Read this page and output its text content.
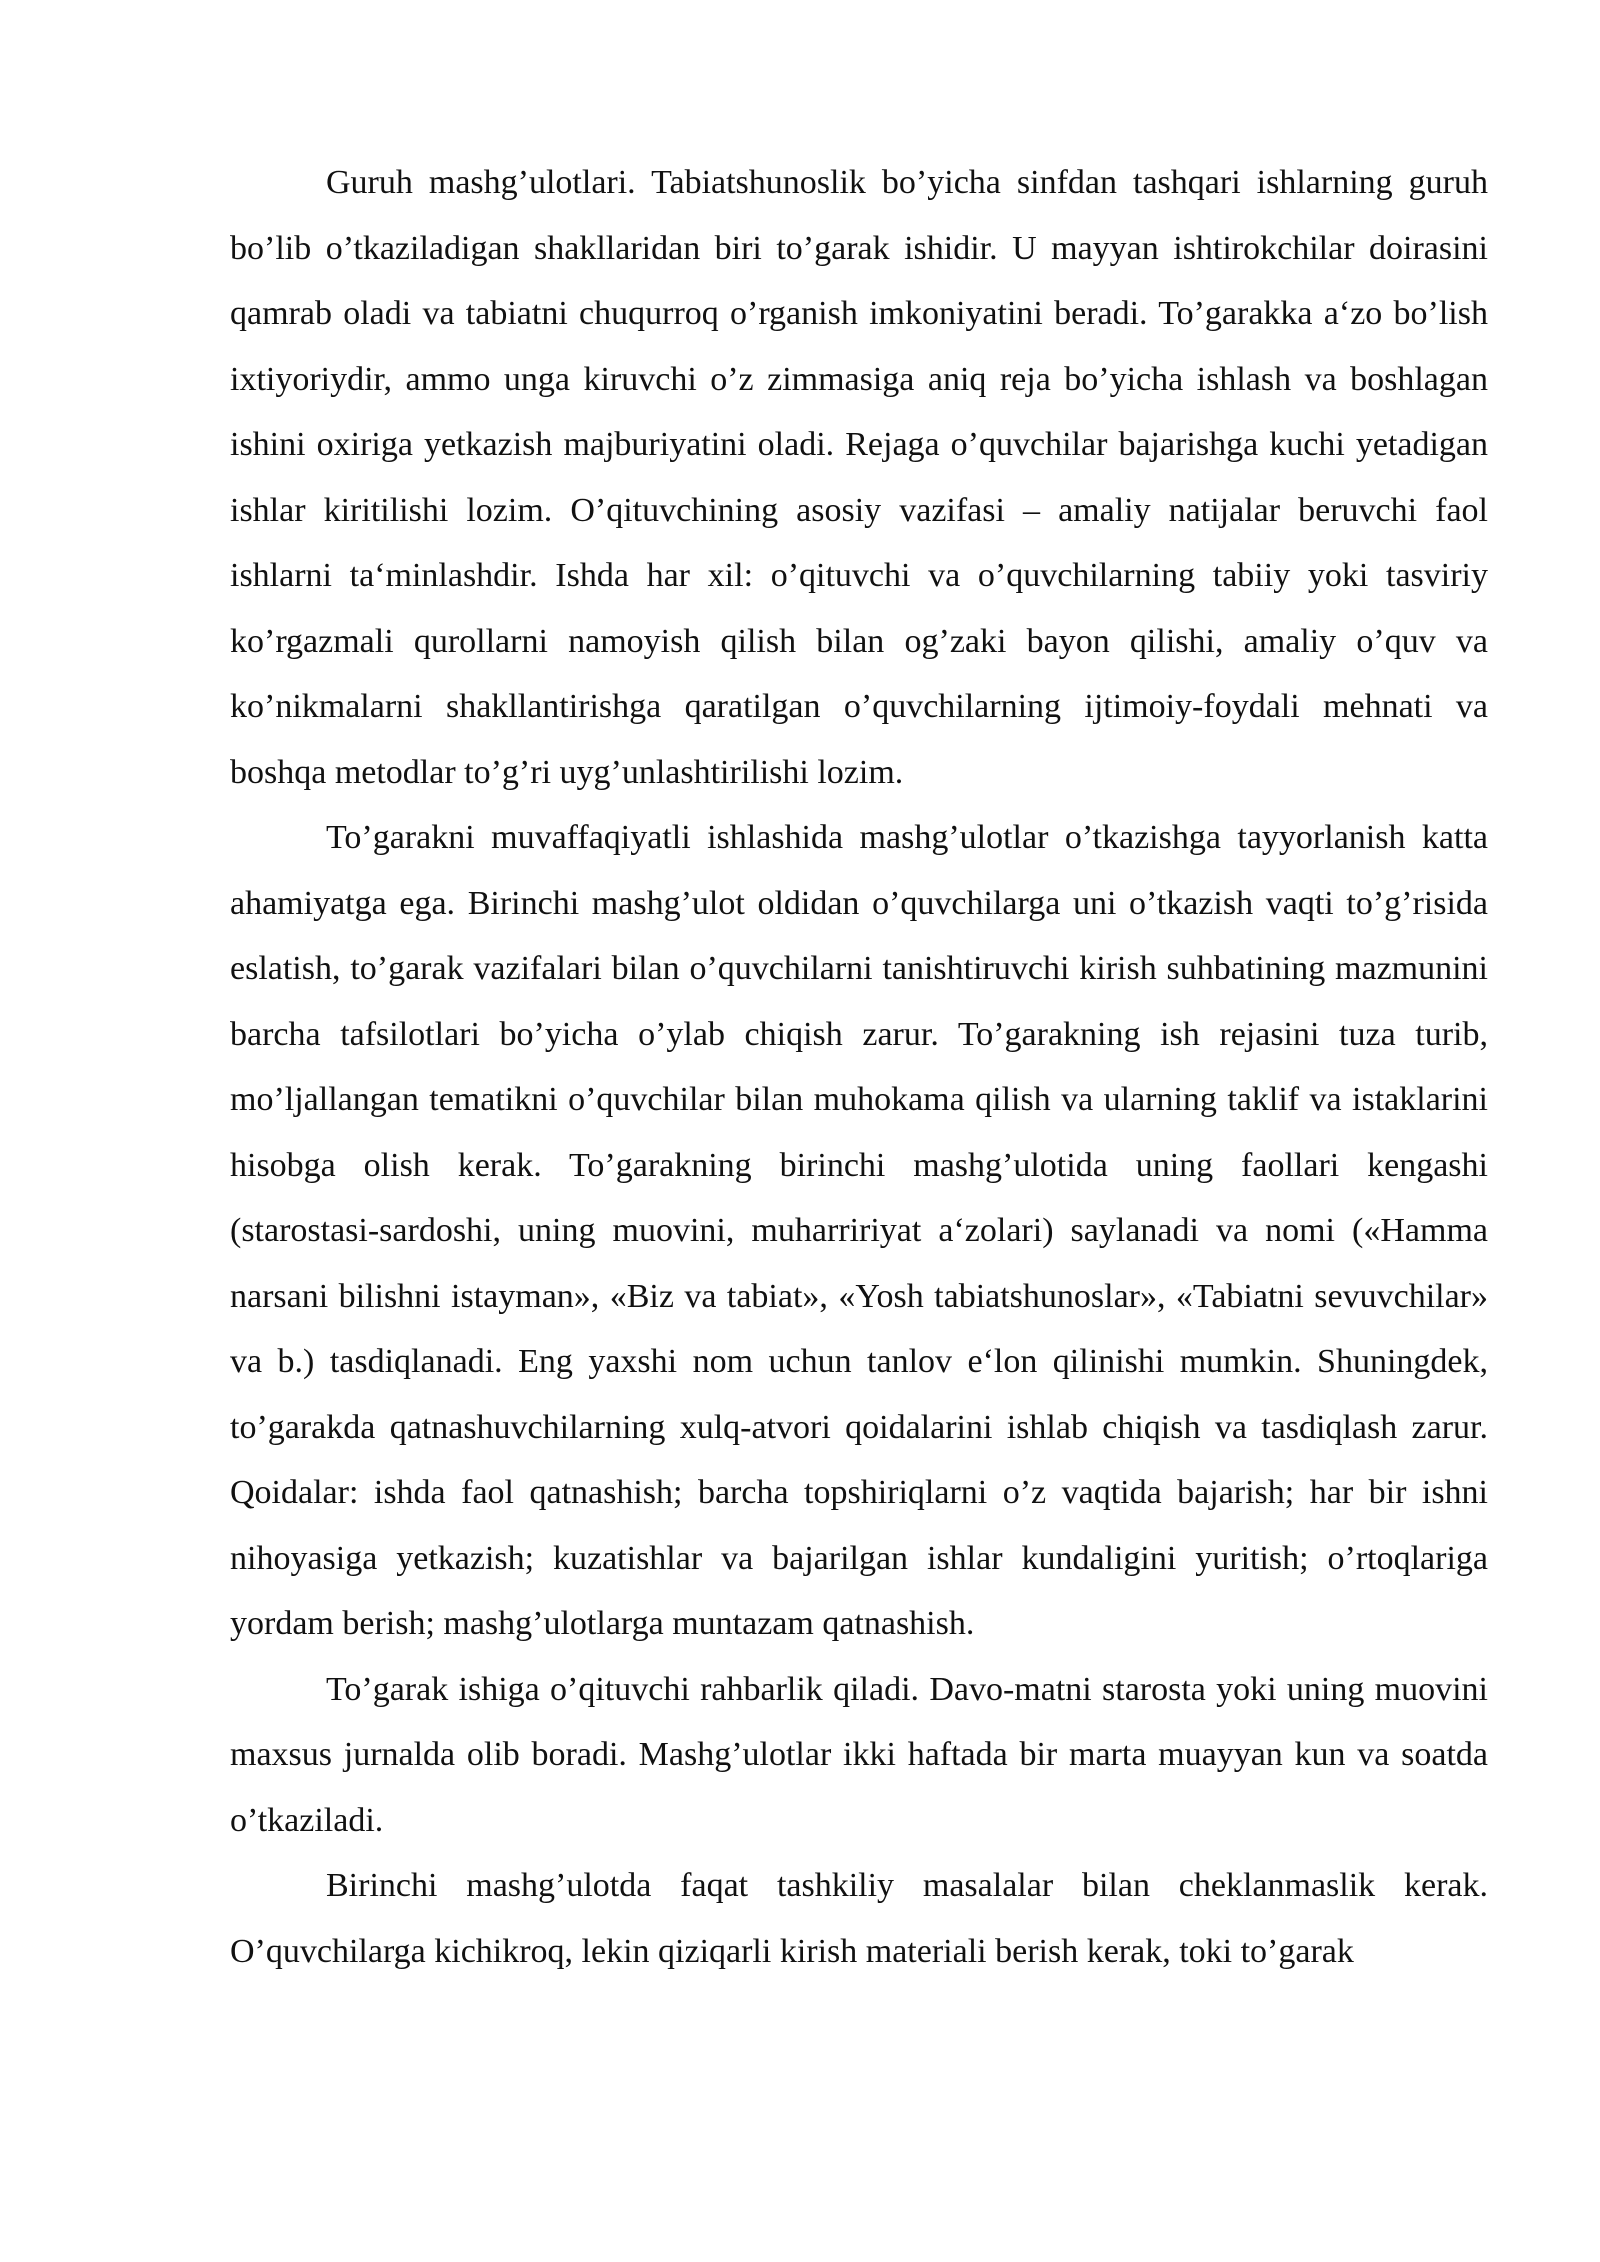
Guruh mashg’ulotlari. Tabiatshunoslik bo’yicha sinfdan tashqari ishlarning guruh bo’lib o’tkaziladigan shakllaridan biri to’garak ishidir. U mayyan ishtirokchilar doirasini qamrab oladi va tabiatni chuqurroq o’rganish imkoniyatini beradi. To’garakka a‘zo bo’lish ixtiyoriydir, ammo unga kiruvchi o’z zimmasiga aniq reja bo’yicha ishlash va boshlagan ishini oxiriga yetkazish majburiyatini oladi. Rejaga o’quvchilar bajarishga kuchi yetadigan ishlar kiritilishi lozim. O’qituvchining asosiy vazifasi – amaliy natijalar beruvchi faol ishlarni ta‘minlashdir. Ishda har xil: o’qituvchi va o’quvchilarning tabiiy yoki tasviriy ko’rgazmali qurollarni namoyish qilish bilan og’zaki bayon qilishi, amaliy o’quv va ko’nikmalarni shakllantirishga qaratilgan o’quvchilarning ijtimoiy-foydali mehnati va boshqa metodlar to’g’ri uyg’unlashtirilishi lozim.

To’garakni muvaffaqiyatli ishlashida mashg’ulotlar o’tkazishga tayyorlanish katta ahamiyatga ega. Birinchi mashg’ulot oldidan o’quvchilarga uni o’tkazish vaqti to’g’risida eslatish, to’garak vazifalari bilan o’quvchilarni tanishtiruvchi kirish suhbatining mazmunini barcha tafsilotlari bo’yicha o’ylab chiqish zarur. To’garakning ish rejasini tuza turib, mo’ljallangan tematikni o’quvchilar bilan muhokama qilish va ularning taklif va istaklarini hisobga olish kerak. To’garakning birinchi mashg’ulotida uning faollari kengashi (starostasi-sardoshi, uning muovini, muharririyat a‘zolari) saylanadi va nomi («Hamma narsani bilishni istayman», «Biz va tabiat», «Yosh tabiatshunoslar», «Tabiatni sevuvchilar» va b.) tasdiqlanadi. Eng yaxshi nom uchun tanlov e‘lon qilinishi mumkin. Shuningdek, to’garakda qatnashuvchilarning xulq-atvori qoidalarini ishlab chiqish va tasdiqlash zarur. Qoidalar: ishda faol qatnashish; barcha topshiriqlarni o’z vaqtida bajarish; har bir ishni nihoyasiga yetkazish; kuzatishlar va bajarilgan ishlar kundaligini yuritish; o’rtoqlariga yordam berish; mashg’ulotlarga muntazam qatnashish.

To’garak ishiga o’qituvchi rahbarlik qiladi. Davo-matni starosta yoki uning muovini maxsus jurnalda olib boradi. Mashg’ulotlar ikki haftada bir marta muayyan kun va soatda o’tkaziladi.

Birinchi mashg’ulotda faqat tashkiliy masalalar bilan cheklanmaslik kerak. O’quvchilarga kichikroq, lekin qiziqarli kirish materiali berish kerak, toki to’garak
